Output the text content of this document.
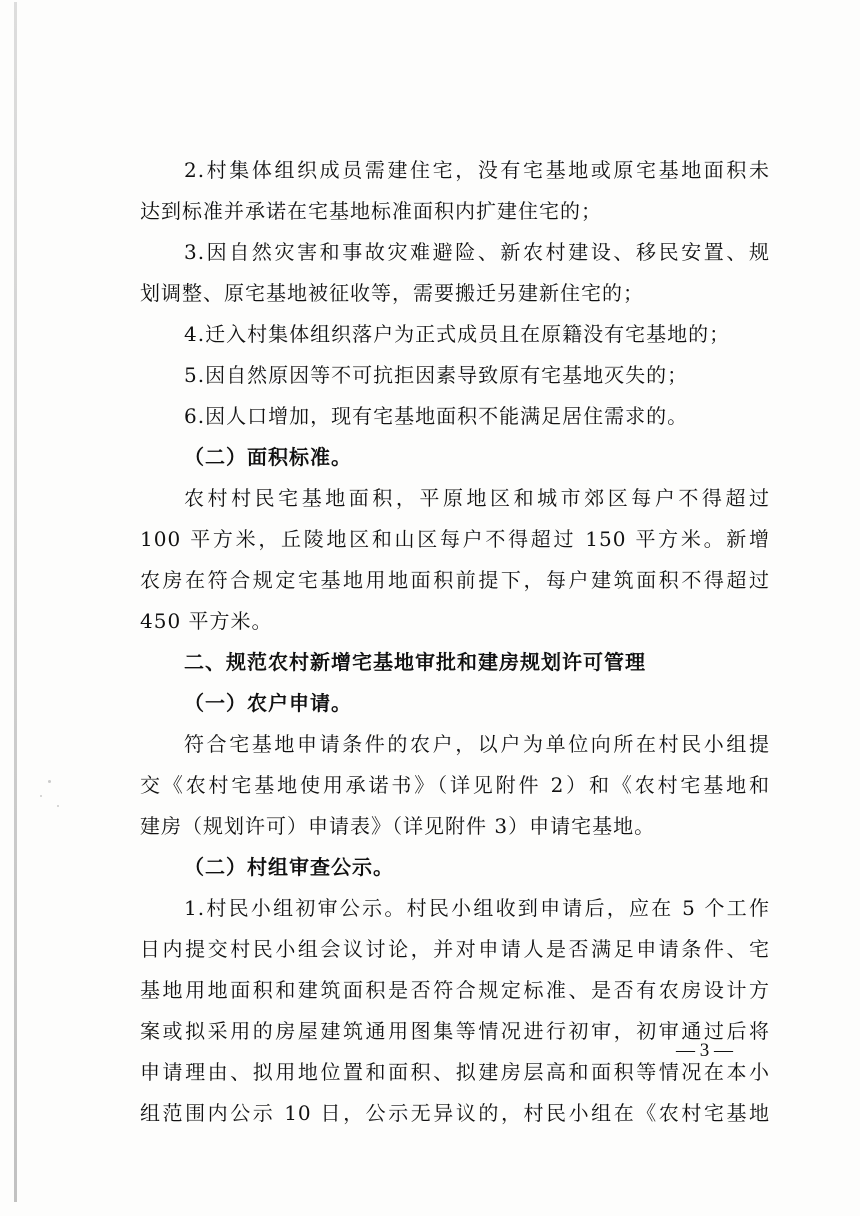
2.村集体组织成员需建住宅，没有宅基地或原宅基地面积未
达到标准并承诺在宅基地标准面积内扩建住宅的；
3.因自然灾害和事故灾难避险、新农村建设、移民安置、规
划调整、原宅基地被征收等，需要搬迁另建新住宅的；
4.迁入村集体组织落户为正式成员且在原籍没有宅基地的；
5.因自然原因等不可抗拒因素导致原有宅基地灭失的；
6.因人口增加，现有宅基地面积不能满足居住需求的。
（二）面积标准。
农村村民宅基地面积，平原地区和城市郊区每户不得超过
100 平方米，丘陵地区和山区每户不得超过 150 平方米。新增
农房在符合规定宅基地用地面积前提下，每户建筑面积不得超过
450 平方米。
二、规范农村新增宅基地审批和建房规划许可管理
（一）农户申请。
符合宅基地申请条件的农户，以户为单位向所在村民小组提
交《农村宅基地使用承诺书》（详见附件 2）和《农村宅基地和
建房（规划许可）申请表》（详见附件 3）申请宅基地。
（二）村组审查公示。
1.村民小组初审公示。村民小组收到申请后，应在 5 个工作
日内提交村民小组会议讨论，并对申请人是否满足申请条件、宅
基地用地面积和建筑面积是否符合规定标准、是否有农房设计方
案或拟采用的房屋建筑通用图集等情况进行初审，初审通过后将
申请理由、拟用地位置和面积、拟建房层高和面积等情况在本小
组范围内公示 10 日，公示无异议的，村民小组在《农村宅基地
— 3 —
